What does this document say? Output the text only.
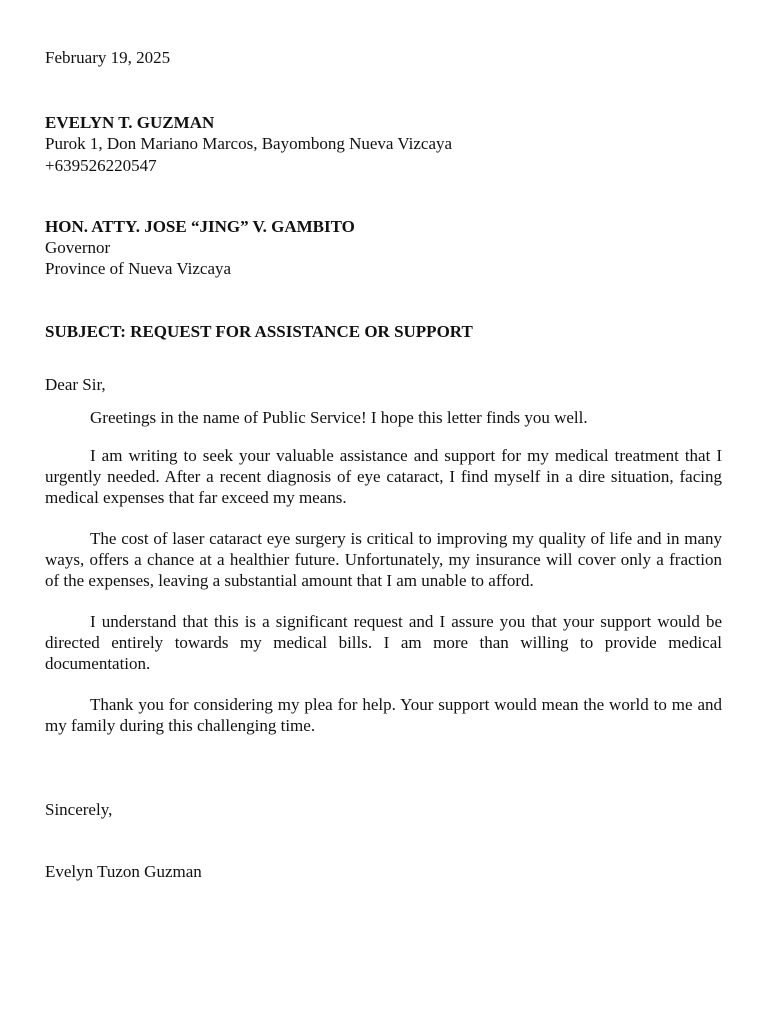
February 19, 2025
EVELYN T. GUZMAN
Purok 1, Don Mariano Marcos, Bayombong Nueva Vizcaya
+639526220547
HON. ATTY. JOSE “JING” V. GAMBITO
Governor
Province of Nueva Vizcaya
SUBJECT: REQUEST FOR ASSISTANCE OR SUPPORT
Dear Sir,
Greetings in the name of Public Service! I hope this letter finds you well.
I am writing to seek your valuable assistance and support for my medical treatment that I urgently needed. After a recent diagnosis of eye cataract, I find myself in a dire situation, facing medical expenses that far exceed my means.
The cost of laser cataract eye surgery is critical to improving my quality of life and in many ways, offers a chance at a healthier future. Unfortunately, my insurance will cover only a fraction of the expenses, leaving a substantial amount that I am unable to afford.
I understand that this is a significant request and I assure you that your support would be directed entirely towards my medical bills. I am more than willing to provide medical documentation.
Thank you for considering my plea for help. Your support would mean the world to me and my family during this challenging time.
Sincerely,
Evelyn Tuzon Guzman
